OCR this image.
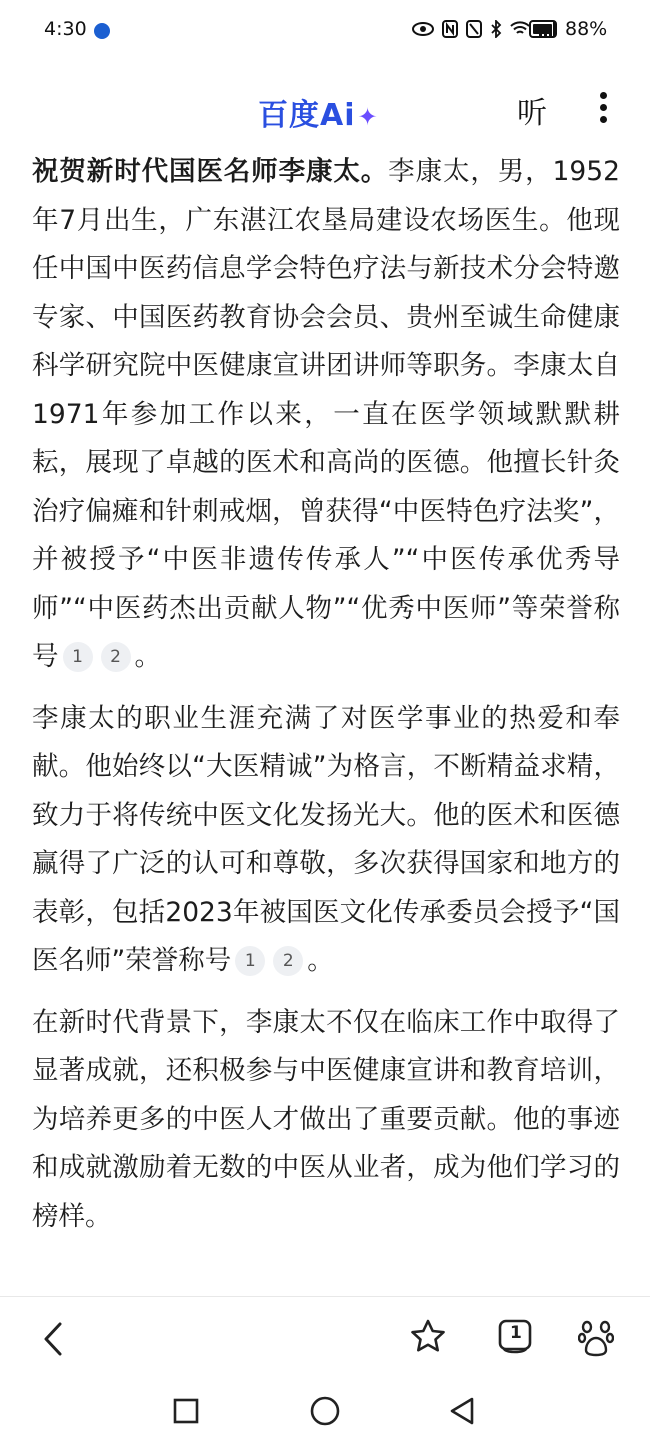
4:30	88%
百度Ai✦	听

祝贺新时代国医名师李康太。李康太，男，1952年7月出生，广东湛江农垦局建设农场医生。他现任中国中医药信息学会特色疗法与新技术分会特邀专家、中国医药教育协会会员、贵州至诚生命健康科学研究院中医健康宣讲团讲师等职务。李康太自1971年参加工作以来，一直在医学领域默默耕耘，展现了卓越的医术和高尚的医德。他擅长针灸治疗偏瘫和针刺戒烟，曾获得“中医特色疗法奖”，并被授予“中医非遗传传承人”“中医传承优秀导师”“中医药杰出贡献人物”“优秀中医师”等荣誉称号 1 2 。

李康太的职业生涯充满了对医学事业的热爱和奉献。他始终以“大医精诚”为格言，不断精益求精，致力于将传统中医文化发扬光大。他的医术和医德赢得了广泛的认可和尊敬，多次获得国家和地方的表彰，包括2023年被国医文化传承委员会授予“国医名师”荣誉称号 1 2 。

在新时代背景下，李康太不仅在临床工作中取得了显著成就，还积极参与中医健康宣讲和教育培训，为培养更多的中医人才做出了重要贡献。他的事迹和成就激励着无数的中医从业者，成为他们学习的榜样。

1
